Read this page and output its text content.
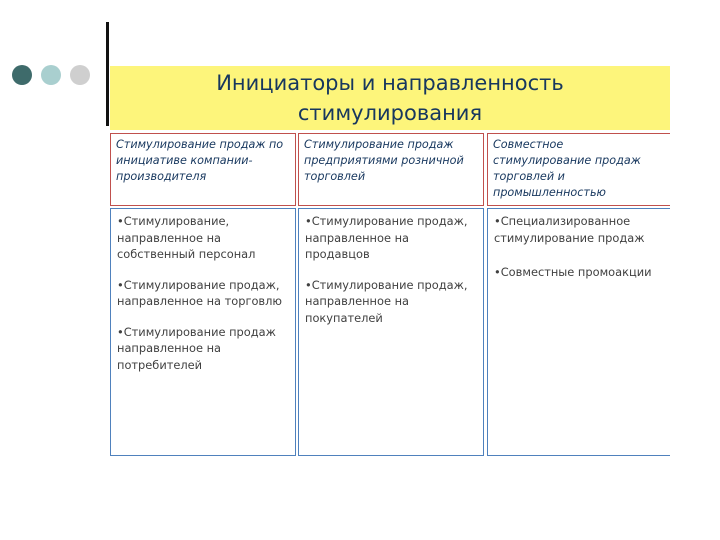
Инициаторы и направленность
стимулирования
Стимулирование продаж по инициативе компании-производителя
Стимулирование продаж предприятиями розничной торговлей
Совместное стимулирование продаж торговлей и промышленностью
•Стимулирование, направленное на собственный персонал
•Стимулирование продаж, направленное на торговлю
•Стимулирование продаж направленное на потребителей
•Стимулирование продаж, направленное на продавцов
•Стимулирование продаж, направленное на покупателей
•Специализированное стимулирование продаж
•Совместные промоакции
